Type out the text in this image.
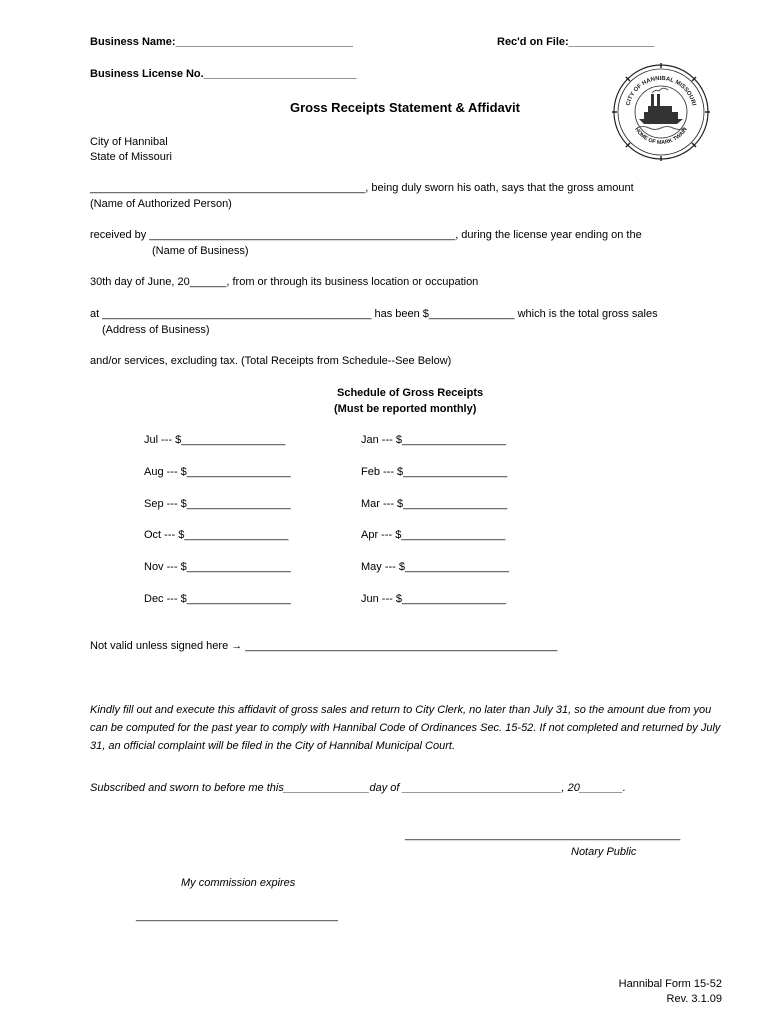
Business Name:_____________________________	Rec'd on File:______________
Business License No._________________________
Gross Receipts Statement & Affidavit	CITY OF HANNIBAL MISSOURI
HOME OF MARK TWAIN
City of Hannibal
State of Missouri
_____________________________________________, being duly sworn his oath, says that the gross amount
(Name of Authorized Person)
received by __________________________________________________, during the license year ending on the
(Name of Business)
30th day of June, 20______, from or through its business location or occupation
at ____________________________________________ has been $______________ which is the total gross sales
(Address of Business)
and/or services, excluding tax. (Total Receipts from Schedule--See Below)
Schedule of Gross Receipts
(Must be reported monthly)
Jul --- $_________________
Aug --- $_________________
Sep --- $_________________
Oct --- $_________________
Nov --- $_________________
Dec --- $_________________
Jan --- $_________________
Feb --- $_________________
Mar --- $_________________
Apr --- $_________________
May --- $_________________
Jun --- $_________________
Not valid unless signed here → ___________________________________________________
Kindly fill out and execute this affidavit of gross sales and return to City Clerk, no later than July 31, so the amount due from you can be computed for the past year to comply with Hannibal Code of Ordinances Sec. 15-52. If not completed and returned by July 31, an official complaint will be filed in the City of Hannibal Municipal Court.
Subscribed and sworn to before me this______________day of __________________________, 20_______.
_____________________________________________
Notary Public
My commission expires
_________________________________
Hannibal Form 15-52
Rev. 3.1.09
